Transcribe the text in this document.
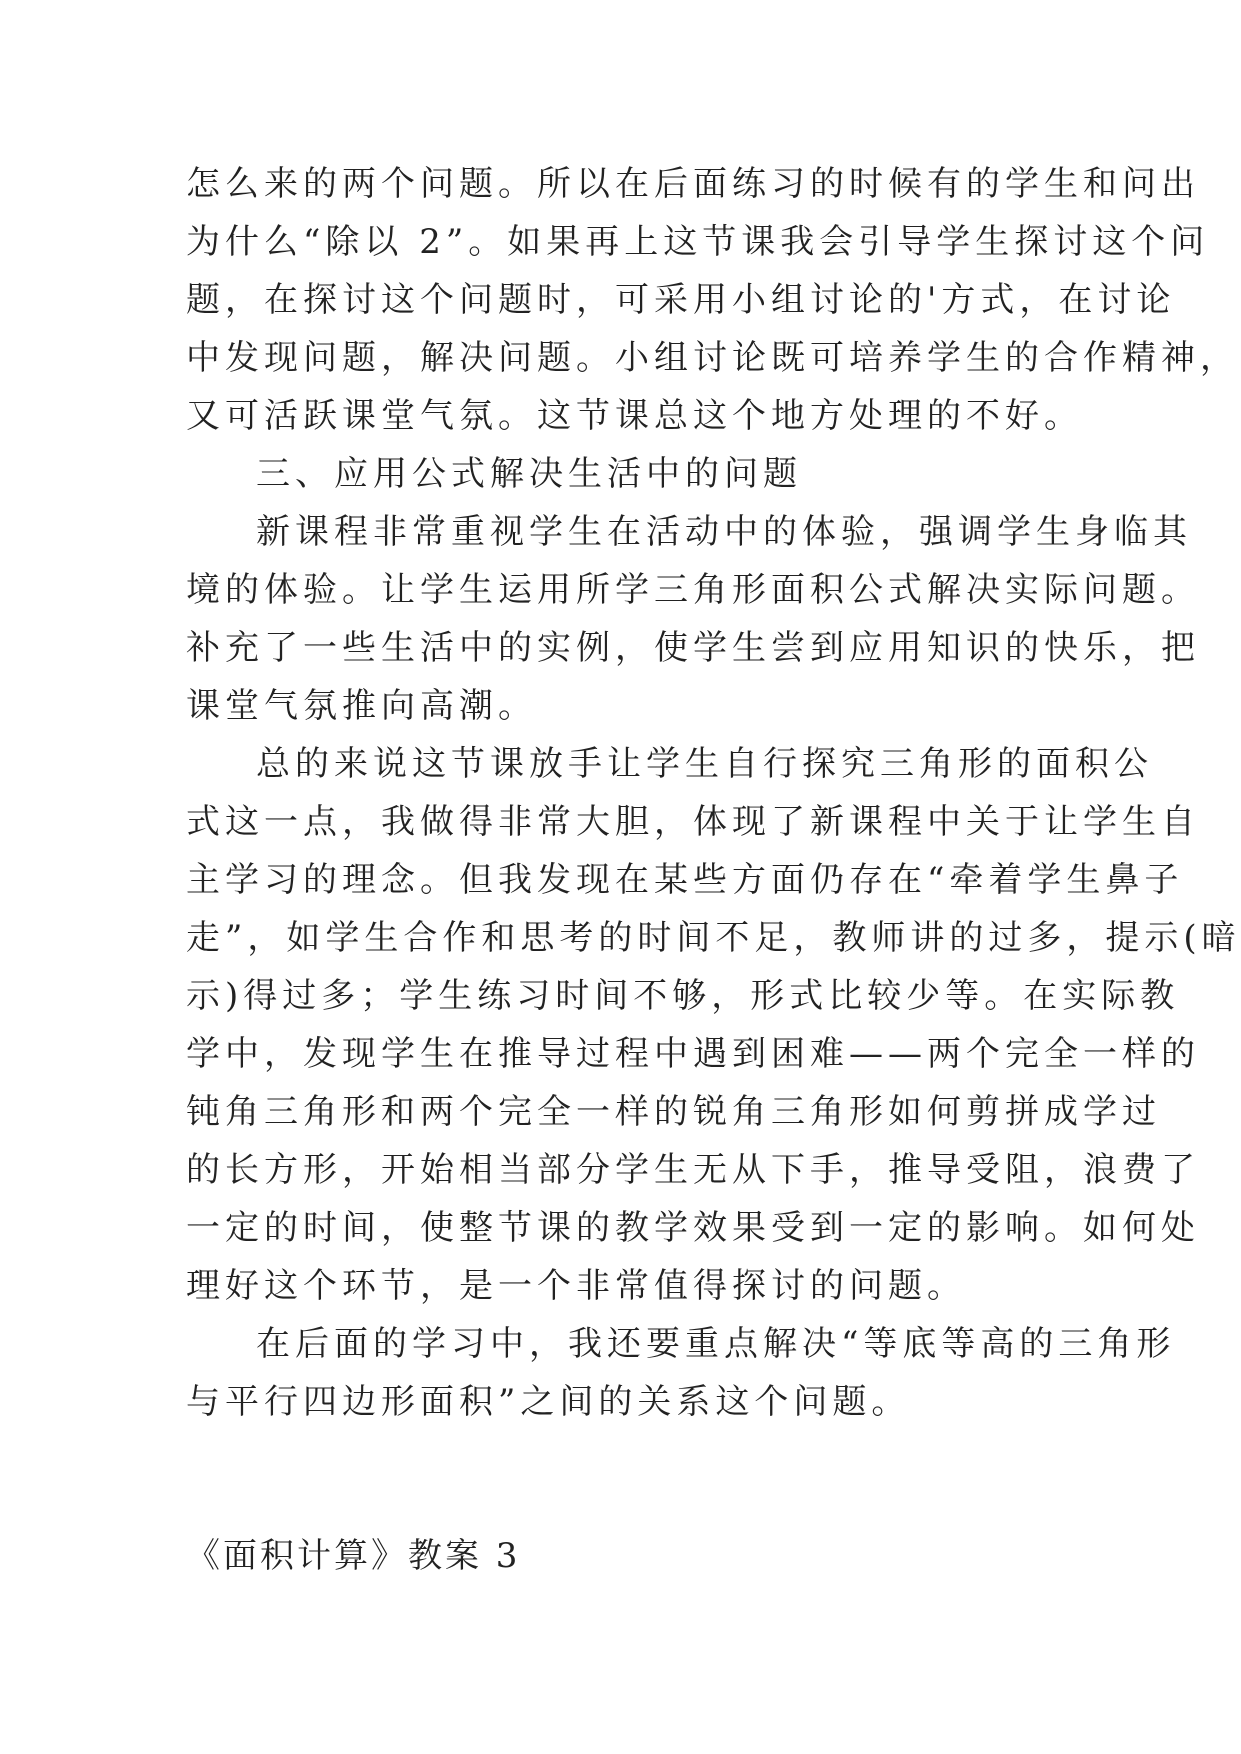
怎么来的两个问题。所以在后面练习的时候有的学生和问出
为什么“除以 2”。如果再上这节课我会引导学生探讨这个问
题，在探讨这个问题时，可采用小组讨论的'方式，在讨论
中发现问题，解决问题。小组讨论既可培养学生的合作精神，
又可活跃课堂气氛。这节课总这个地方处理的不好。
三、应用公式解决生活中的问题
新课程非常重视学生在活动中的体验，强调学生身临其
境的体验。让学生运用所学三角形面积公式解决实际问题。
补充了一些生活中的实例，使学生尝到应用知识的快乐，把
课堂气氛推向高潮。
总的来说这节课放手让学生自行探究三角形的面积公
式这一点，我做得非常大胆，体现了新课程中关于让学生自
主学习的理念。但我发现在某些方面仍存在“牵着学生鼻子
走”，如学生合作和思考的时间不足，教师讲的过多，提示(暗
示)得过多；学生练习时间不够，形式比较少等。在实际教
学中，发现学生在推导过程中遇到困难——两个完全一样的
钝角三角形和两个完全一样的锐角三角形如何剪拼成学过
的长方形，开始相当部分学生无从下手，推导受阻，浪费了
一定的时间，使整节课的教学效果受到一定的影响。如何处
理好这个环节，是一个非常值得探讨的问题。
在后面的学习中，我还要重点解决“等底等高的三角形
与平行四边形面积”之间的关系这个问题。
《面积计算》教案 3
